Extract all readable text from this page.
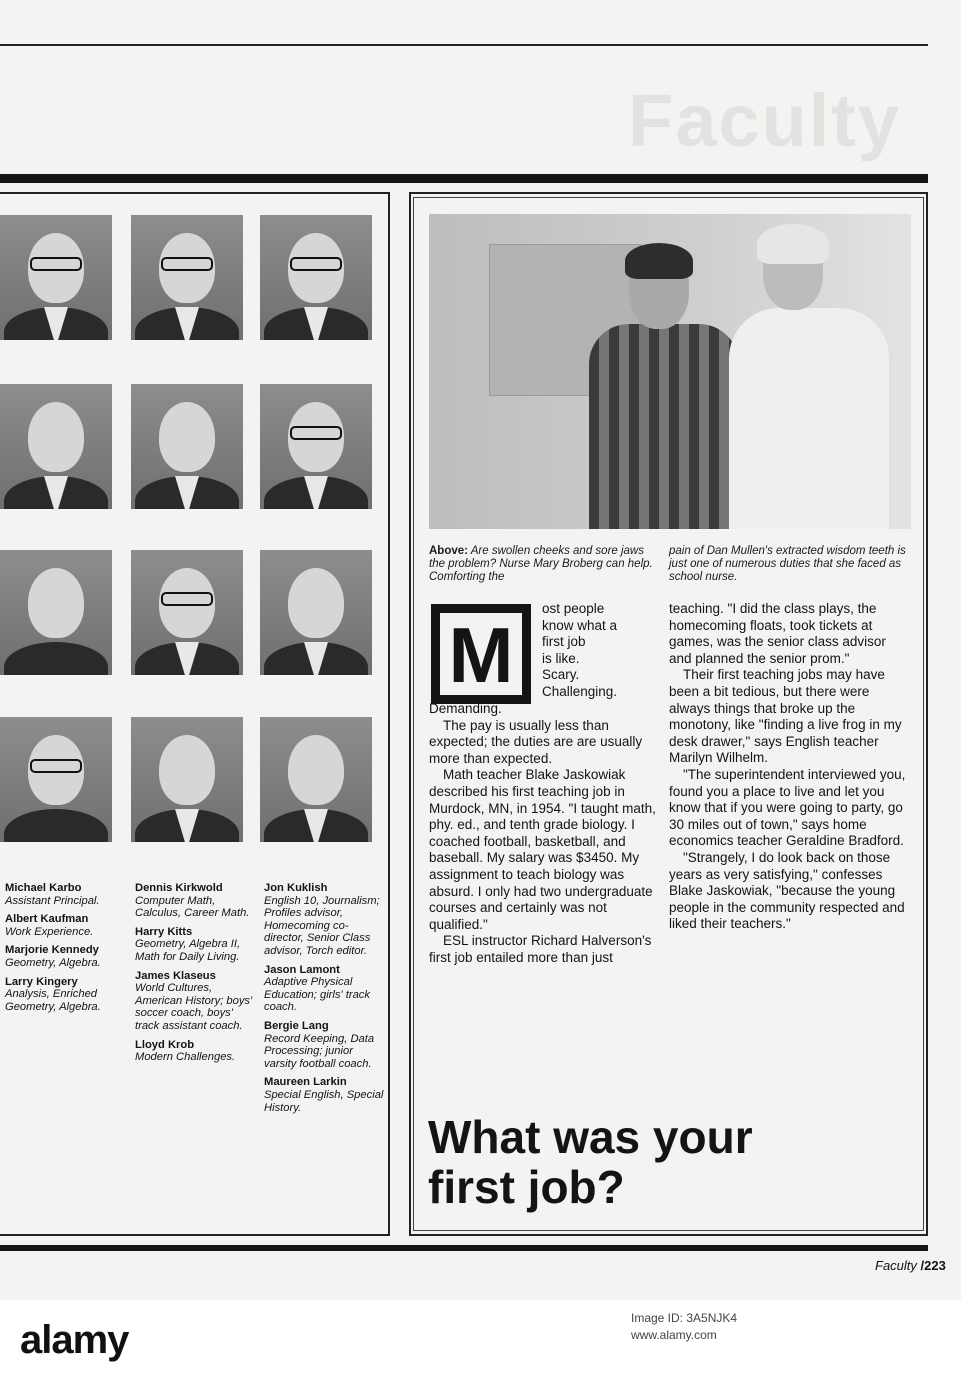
Faculty
Michael Karbo
Assistant Principal.
Albert Kaufman
Work Experience.
Marjorie Kennedy
Geometry, Algebra.
Larry Kingery
Analysis, Enriched Geometry, Algebra.
Dennis Kirkwold
Computer Math, Calculus, Career Math.
Harry Kitts
Geometry, Algebra II, Math for Daily Living.
James Klaseus
World Cultures, American History; boys' soccer coach, boys' track assistant coach.
Lloyd Krob
Modern Challenges.
Jon Kuklish
English 10, Journalism; Profiles advisor, Homecoming co-director, Senior Class advisor, Torch editor.
Jason Lamont
Adaptive Physical Education; girls' track coach.
Bergie Lang
Record Keeping, Data Processing; junior varsity football coach.
Maureen Larkin
Special English, Special History.
Above: Are swollen cheeks and sore jaws the problem? Nurse Mary Broberg can help. Comforting the
pain of Dan Mullen's extracted wisdom teeth is just one of numerous duties that she faced as school nurse.
M
ost people
know what a
first job
is like.
Scary.
Challenging.

Demanding.

The pay is usually less than expected; the duties are are usually more than expected.

Math teacher Blake Jaskowiak described his first teaching job in Murdock, MN, in 1954. "I taught math, phy. ed., and tenth grade biology. I coached football, basketball, and baseball. My salary was $3450. My assignment to teach biology was absurd. I only had two undergraduate courses and certainly was not qualified."

ESL instructor Richard Halverson's first job entailed more than just

teaching. "I did the class plays, the homecoming floats, took tickets at games, was the senior class advisor and planned the senior prom."

Their first teaching jobs may have been a bit tedious, but there were always things that broke up the monotony, like "finding a live frog in my desk drawer," says English teacher Marilyn Wilhelm.

"The superintendent interviewed you, found you a place to live and let you know that if you were going to party, go 30 miles out of town," says home economics teacher Geraldine Bradford.

"Strangely, I do look back on those years as very satisfying," confesses Blake Jaskowiak, "because the young people in the community respected and liked their teachers."

What was your
first job?
Faculty /223
alamy	Image ID: 3A5NJK4
www.alamy.com
